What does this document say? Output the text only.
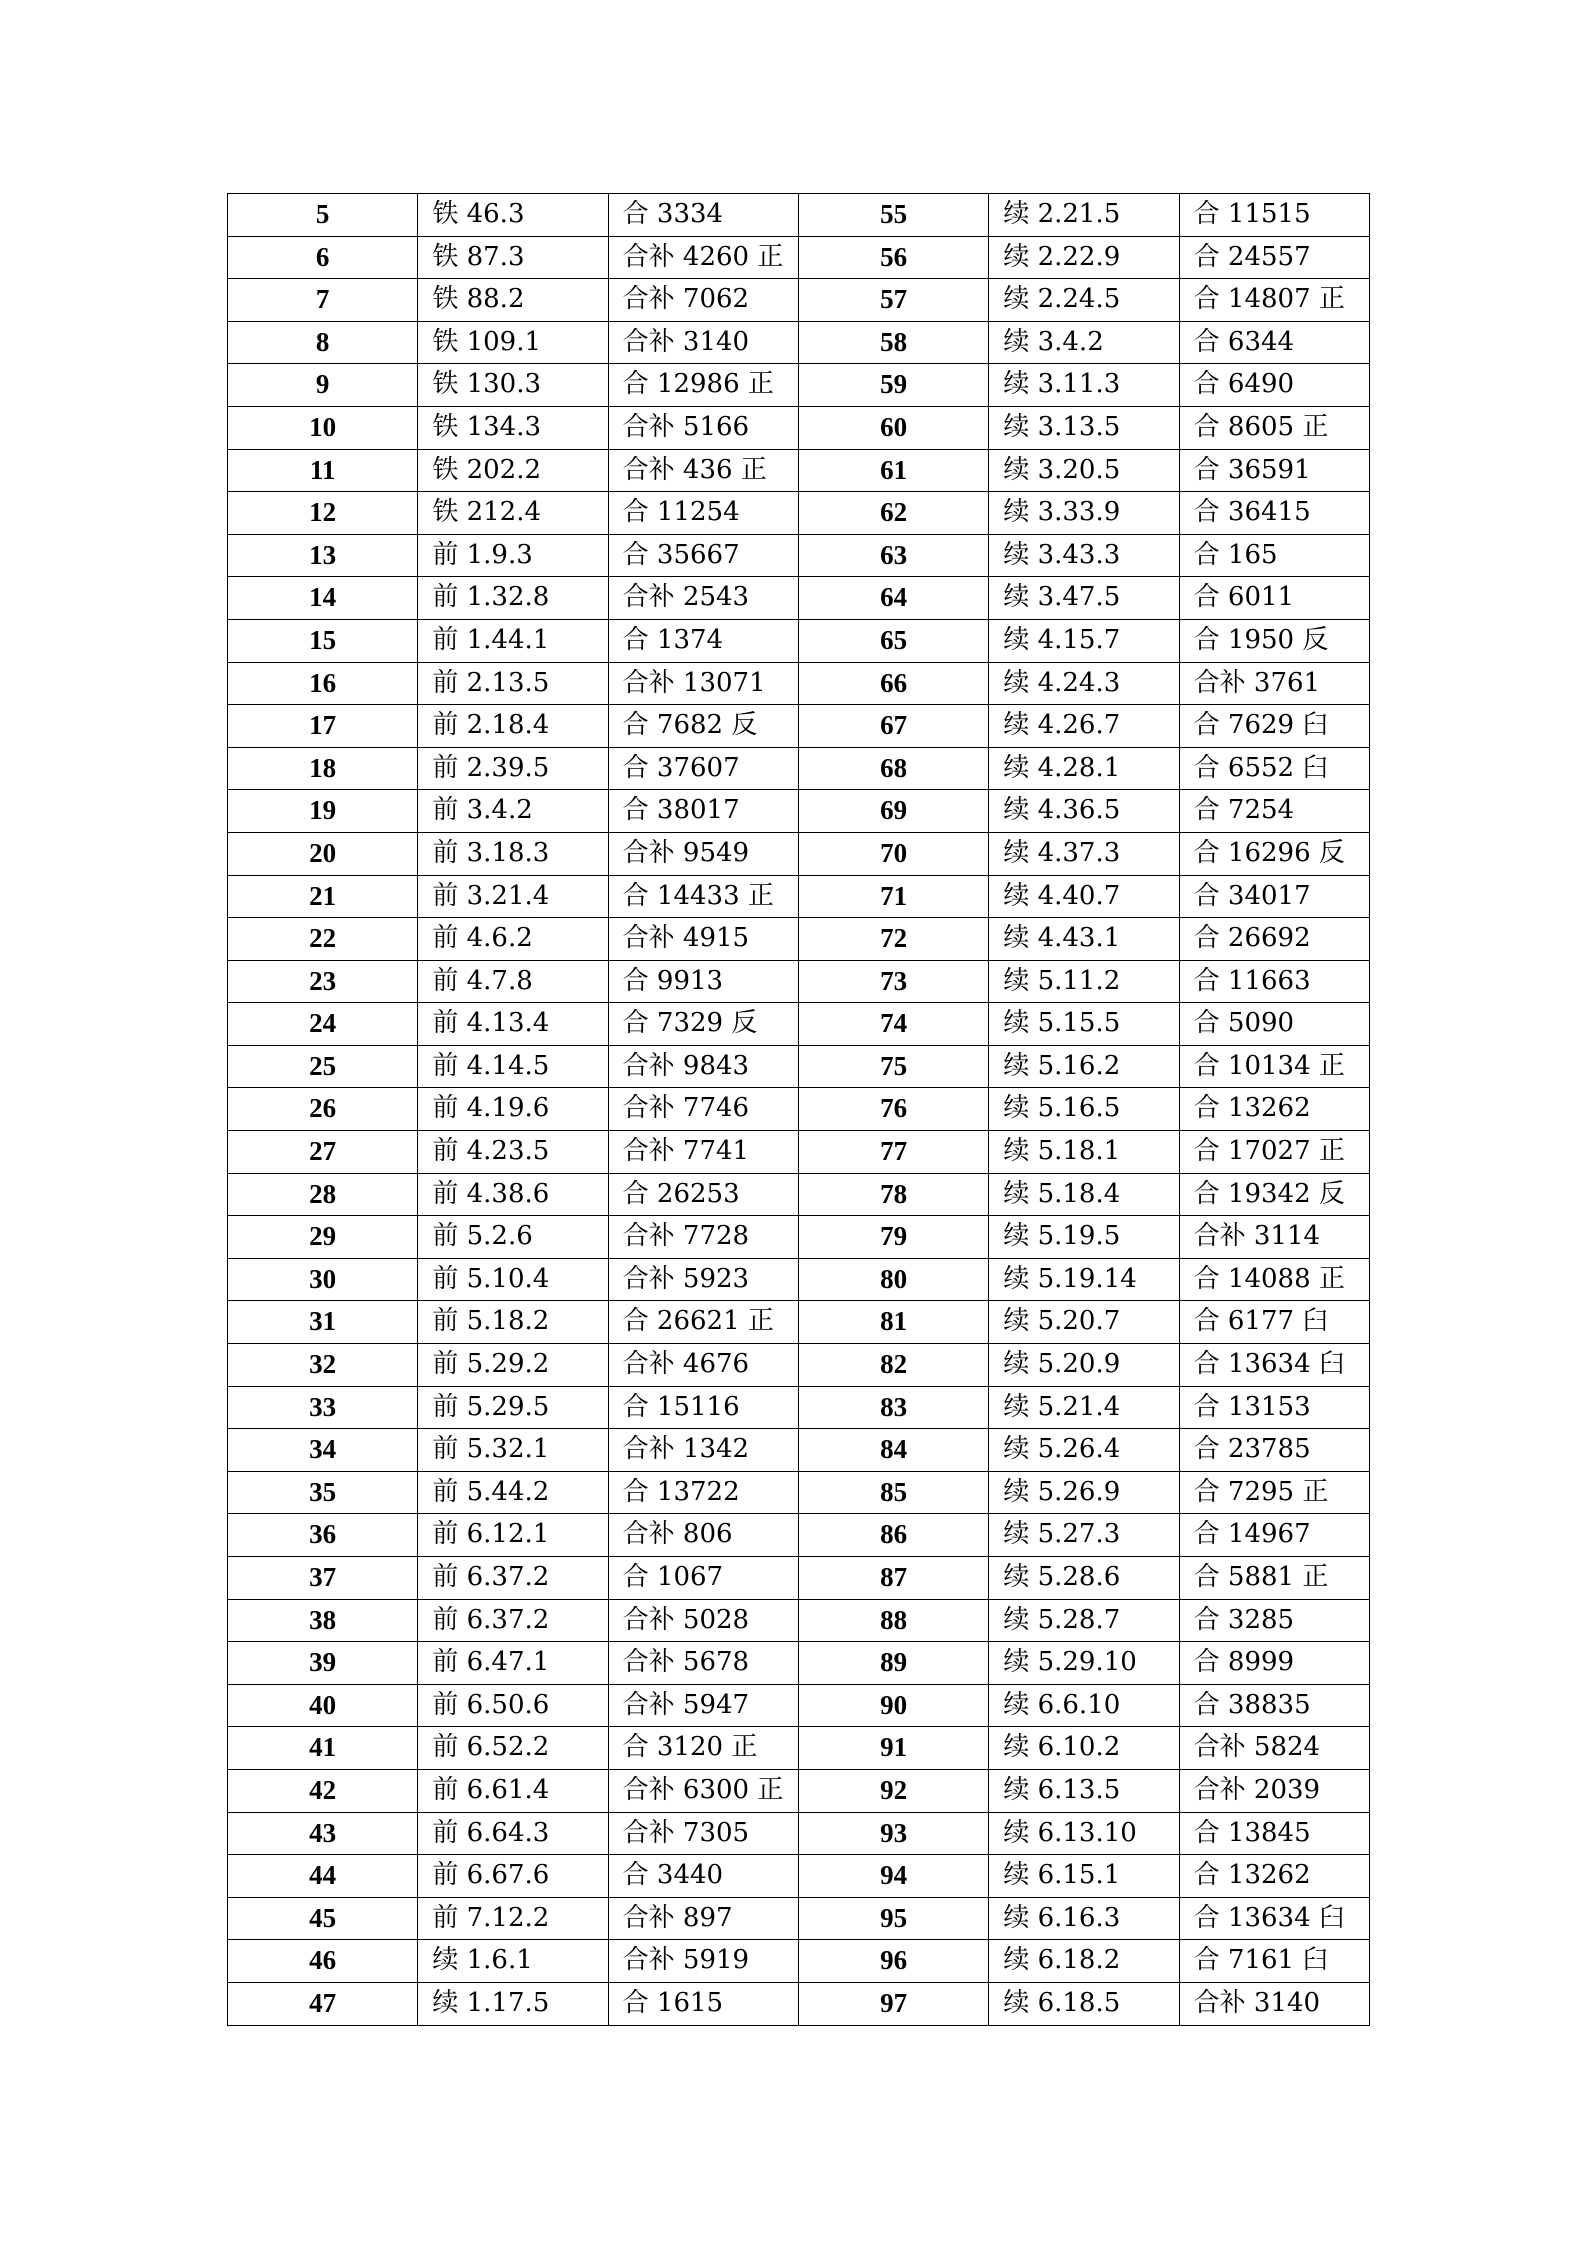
5	铁 46.3	合 3334	55	续 2.21.5	合 11515
6	铁 87.3	合补 4260 正	56	续 2.22.9	合 24557
7	铁 88.2	合补 7062	57	续 2.24.5	合 14807 正
8	铁 109.1	合补 3140	58	续 3.4.2	合 6344
9	铁 130.3	合 12986 正	59	续 3.11.3	合 6490
10	铁 134.3	合补 5166	60	续 3.13.5	合 8605 正
11	铁 202.2	合补 436 正	61	续 3.20.5	合 36591
12	铁 212.4	合 11254	62	续 3.33.9	合 36415
13	前 1.9.3	合 35667	63	续 3.43.3	合 165
14	前 1.32.8	合补 2543	64	续 3.47.5	合 6011
15	前 1.44.1	合 1374	65	续 4.15.7	合 1950 反
16	前 2.13.5	合补 13071	66	续 4.24.3	合补 3761
17	前 2.18.4	合 7682 反	67	续 4.26.7	合 7629 臼
18	前 2.39.5	合 37607	68	续 4.28.1	合 6552 臼
19	前 3.4.2	合 38017	69	续 4.36.5	合 7254
20	前 3.18.3	合补 9549	70	续 4.37.3	合 16296 反
21	前 3.21.4	合 14433 正	71	续 4.40.7	合 34017
22	前 4.6.2	合补 4915	72	续 4.43.1	合 26692
23	前 4.7.8	合 9913	73	续 5.11.2	合 11663
24	前 4.13.4	合 7329 反	74	续 5.15.5	合 5090
25	前 4.14.5	合补 9843	75	续 5.16.2	合 10134 正
26	前 4.19.6	合补 7746	76	续 5.16.5	合 13262
27	前 4.23.5	合补 7741	77	续 5.18.1	合 17027 正
28	前 4.38.6	合 26253	78	续 5.18.4	合 19342 反
29	前 5.2.6	合补 7728	79	续 5.19.5	合补 3114
30	前 5.10.4	合补 5923	80	续 5.19.14	合 14088 正
31	前 5.18.2	合 26621 正	81	续 5.20.7	合 6177 臼
32	前 5.29.2	合补 4676	82	续 5.20.9	合 13634 臼
33	前 5.29.5	合 15116	83	续 5.21.4	合 13153
34	前 5.32.1	合补 1342	84	续 5.26.4	合 23785
35	前 5.44.2	合 13722	85	续 5.26.9	合 7295 正
36	前 6.12.1	合补 806	86	续 5.27.3	合 14967
37	前 6.37.2	合 1067	87	续 5.28.6	合 5881 正
38	前 6.37.2	合补 5028	88	续 5.28.7	合 3285
39	前 6.47.1	合补 5678	89	续 5.29.10	合 8999
40	前 6.50.6	合补 5947	90	续 6.6.10	合 38835
41	前 6.52.2	合 3120 正	91	续 6.10.2	合补 5824
42	前 6.61.4	合补 6300 正	92	续 6.13.5	合补 2039
43	前 6.64.3	合补 7305	93	续 6.13.10	合 13845
44	前 6.67.6	合 3440	94	续 6.15.1	合 13262
45	前 7.12.2	合补 897	95	续 6.16.3	合 13634 臼
46	续 1.6.1	合补 5919	96	续 6.18.2	合 7161 臼
47	续 1.17.5	合 1615	97	续 6.18.5	合补 3140
